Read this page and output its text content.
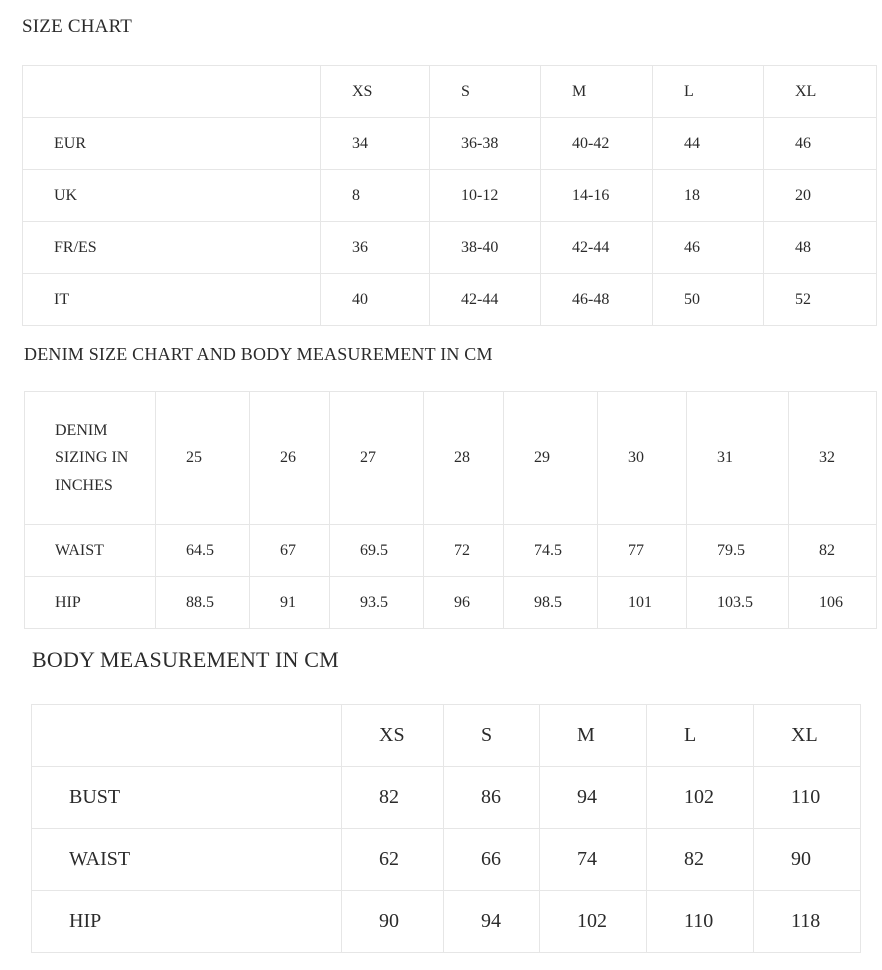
SIZE CHART
	XS	S	M	L	XL
EUR	34	36-38	40-42	44	46
UK	8	10-12	14-16	18	20
FR/ES	36	38-40	42-44	46	48
IT	40	42-44	46-48	50	52
DENIM SIZE CHART AND BODY MEASUREMENT IN CM
DENIM SIZING IN INCHES	25	26	27	28	29	30	31	32
WAIST	64.5	67	69.5	72	74.5	77	79.5	82
HIP	88.5	91	93.5	96	98.5	101	103.5	106
BODY MEASUREMENT IN CM
	XS	S	M	L	XL
BUST	82	86	94	102	110
WAIST	62	66	74	82	90
HIP	90	94	102	110	118
